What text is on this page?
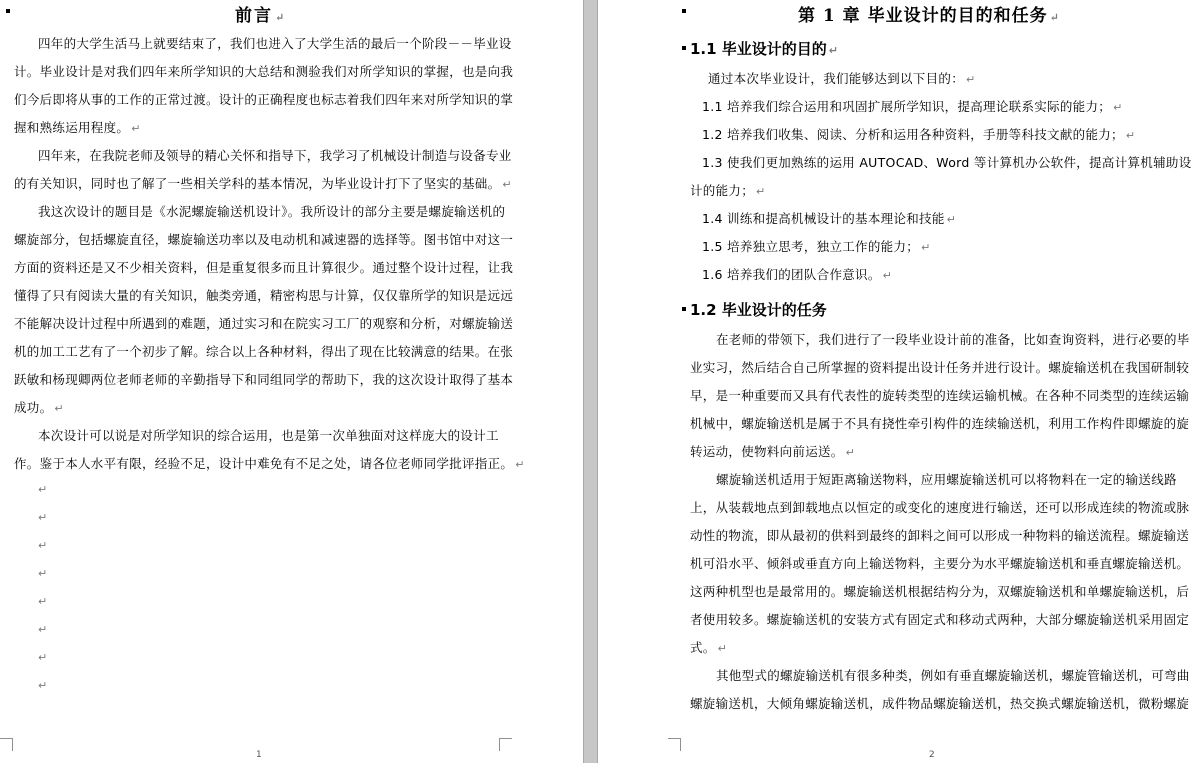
前言 ↵
四年的大学生活马上就要结束了，我们也进入了大学生活的最后一个阶段－－毕业设
计。毕业设计是对我们四年来所学知识的大总结和测验我们对所学知识的掌握，也是向我
们今后即将从事的工作的正常过渡。设计的正确程度也标志着我们四年来对所学知识的掌
握和熟练运用程度。 ↵
四年来，在我院老师及领导的精心关怀和指导下，我学习了机械设计制造与设备专业
的有关知识，同时也了解了一些相关学科的基本情况，为毕业设计打下了坚实的基础。 ↵
我这次设计的题目是《水泥螺旋输送机设计》。我所设计的部分主要是螺旋输送机的
螺旋部分，包括螺旋直径，螺旋输送功率以及电动机和减速器的选择等。图书馆中对这一
方面的资料还是又不少相关资料，但是重复很多而且计算很少。通过整个设计过程，让我
懂得了只有阅读大量的有关知识，触类旁通，精密构思与计算，仅仅靠所学的知识是远远
不能解决设计过程中所遇到的难题，通过实习和在院实习工厂的观察和分析，对螺旋输送
机的加工工艺有了一个初步了解。综合以上各种材料，得出了现在比较满意的结果。在张
跃敏和杨现卿两位老师老师的辛勤指导下和同组同学的帮助下，我的这次设计取得了基本
成功。 ↵
本次设计可以说是对所学知识的综合运用，也是第一次单独面对这样庞大的设计工
作。鉴于本人水平有限，经验不足，设计中难免有不足之处，请各位老师同学批评指正。 ↵
↵
↵
↵
↵
↵
↵
↵
↵
1
第 1 章 毕业设计的目的和任务 ↵
1.1 毕业设计的目的 ↵
通过本次毕业设计，我们能够达到以下目的： ↵
1.1 培养我们综合运用和巩固扩展所学知识，提高理论联系实际的能力； ↵
1.2 培养我们收集、阅读、分析和运用各种资料，手册等科技文献的能力； ↵
1.3 使我们更加熟练的运用 AUTOCAD、Word 等计算机办公软件，提高计算机辅助设
计的能力； ↵
1.4 训练和提高机械设计的基本理论和技能 ↵
1.5 培养独立思考，独立工作的能力； ↵
1.6 培养我们的团队合作意识。 ↵
1.2 毕业设计的任务
在老师的带领下，我们进行了一段毕业设计前的准备，比如查询资料，进行必要的毕
业实习，然后结合自己所掌握的资料提出设计任务并进行设计。螺旋输送机在我国研制较
早，是一种重要而又具有代表性的旋转类型的连续运输机械。在各种不同类型的连续运输
机械中，螺旋输送机是属于不具有挠性牵引构件的连续输送机，利用工作构件即螺旋的旋
转运动，使物料向前运送。 ↵
螺旋输送机适用于短距离输送物料，应用螺旋输送机可以将物料在一定的输送线路
上，从装载地点到卸载地点以恒定的或变化的速度进行输送，还可以形成连续的物流或脉
动性的物流，即从最初的供料到最终的卸料之间可以形成一种物料的输送流程。螺旋输送
机可沿水平、倾斜或垂直方向上输送物料，主要分为水平螺旋输送机和垂直螺旋输送机。
这两种机型也是最常用的。螺旋输送机根据结构分为，双螺旋输送机和单螺旋输送机，后
者使用较多。螺旋输送机的安装方式有固定式和移动式两种，大部分螺旋输送机采用固定
式。 ↵
其他型式的螺旋输送机有很多种类，例如有垂直螺旋输送机，螺旋管输送机，可弯曲
螺旋输送机，大倾角螺旋输送机，成件物品螺旋输送机，热交换式螺旋输送机，微粉螺旋
2
